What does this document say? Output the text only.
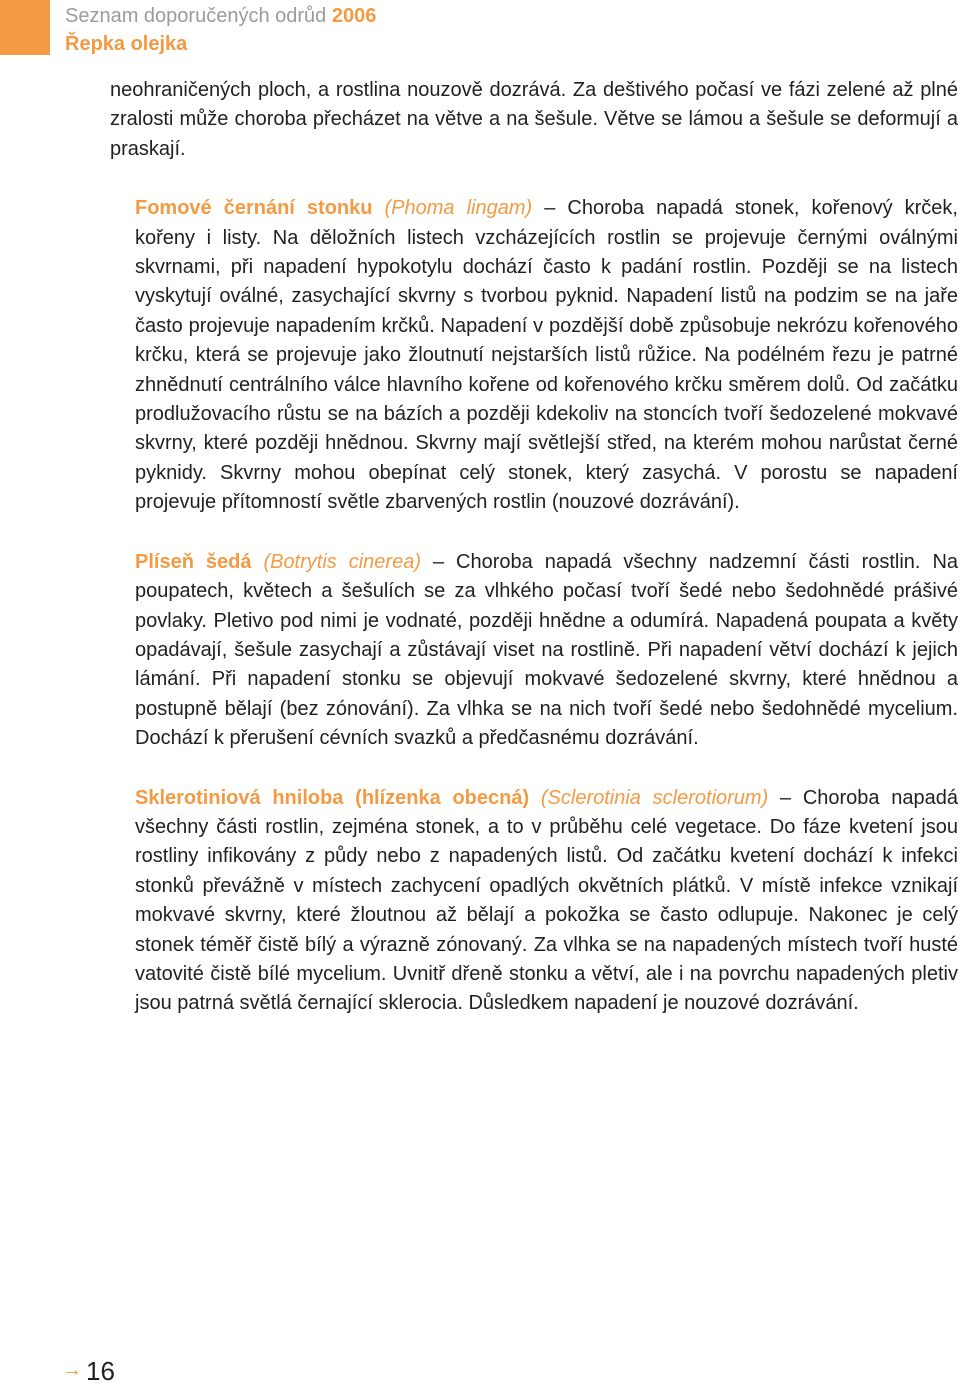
Seznam doporučených odrůd 2006
Řepka olejka

neohraničených ploch, a rostlina nouzově dozrává. Za deštivého počasí ve fázi zelené až plné zralosti může choroba přecházet na větve a na šešule. Větve se lámou a šešule se deformují a praskají.

Fomové černání stonku (Phoma lingam) – Choroba napadá stonek, kořenový krček, kořeny i listy. Na děložních listech vzcházejících rostlin se projevuje černými oválnými skvrnami, při napadení hypokotylu dochází často k padání rostlin. Později se na listech vyskytují oválné, zasychající skvrny s tvorbou pyknid. Napadení listů na podzim se na jaře často projevuje napadením krčků. Napadení v pozdější době způsobuje nekrózu kořenového krčku, která se projevuje jako žloutnutí nejstarších listů růžice. Na podélném řezu je patrné zhnědnutí centrálního válce hlavního kořene od kořenového krčku směrem dolů. Od začátku prodlužovacího růstu se na bázích a později kdekoliv na stoncích tvoří šedozelené mokvavé skvrny, které později hnědnou. Skvrny mají světlejší střed, na kterém mohou narůstat černé pyknidy. Skvrny mohou obepínat celý stonek, který zasychá. V porostu se napadení projevuje přítomností světle zbarvených rostlin (nouzové dozrávání).

Plíseň šedá (Botrytis cinerea) – Choroba napadá všechny nadzemní části rostlin. Na poupatech, květech a šešulích se za vlhkého počasí tvoří šedé nebo šedohnědé prášivé povlaky. Pletivo pod nimi je vodnaté, později hnědne a odumírá. Napadená poupata a květy opadávají, šešule zasychají a zůstávají viset na rostlině. Při napadení větví dochází k jejich lámání. Při napadení stonku se objevují mokvavé šedozelené skvrny, které hnědnou a postupně bělají (bez zónování). Za vlhka se na nich tvoří šedé nebo šedohnědé mycelium. Dochází k přerušení cévních svazků a předčasnému dozrávání.

Sklerotiniová hniloba (hlízenka obecná) (Sclerotinia sclerotiorum) – Choroba napadá všechny části rostlin, zejména stonek, a to v průběhu celé vegetace. Do fáze kvetení jsou rostliny infikovány z půdy nebo z napadených listů. Od začátku kvetení dochází k infekci stonků převážně v místech zachycení opadlých okvětních plátků. V místě infekce vznikají mokvavé skvrny, které žloutnou až bělají a pokožka se často odlupuje. Nakonec je celý stonek téměř čistě bílý a výrazně zónovaný. Za vlhka se na napadených místech tvoří husté vatovité čistě bílé mycelium. Uvnitř dřeně stonku a větví, ale i na povrchu napadených pletiv jsou patrná světlá černající sklerocia. Důsledkem napadení je nouzové dozrávání.

→ 16
